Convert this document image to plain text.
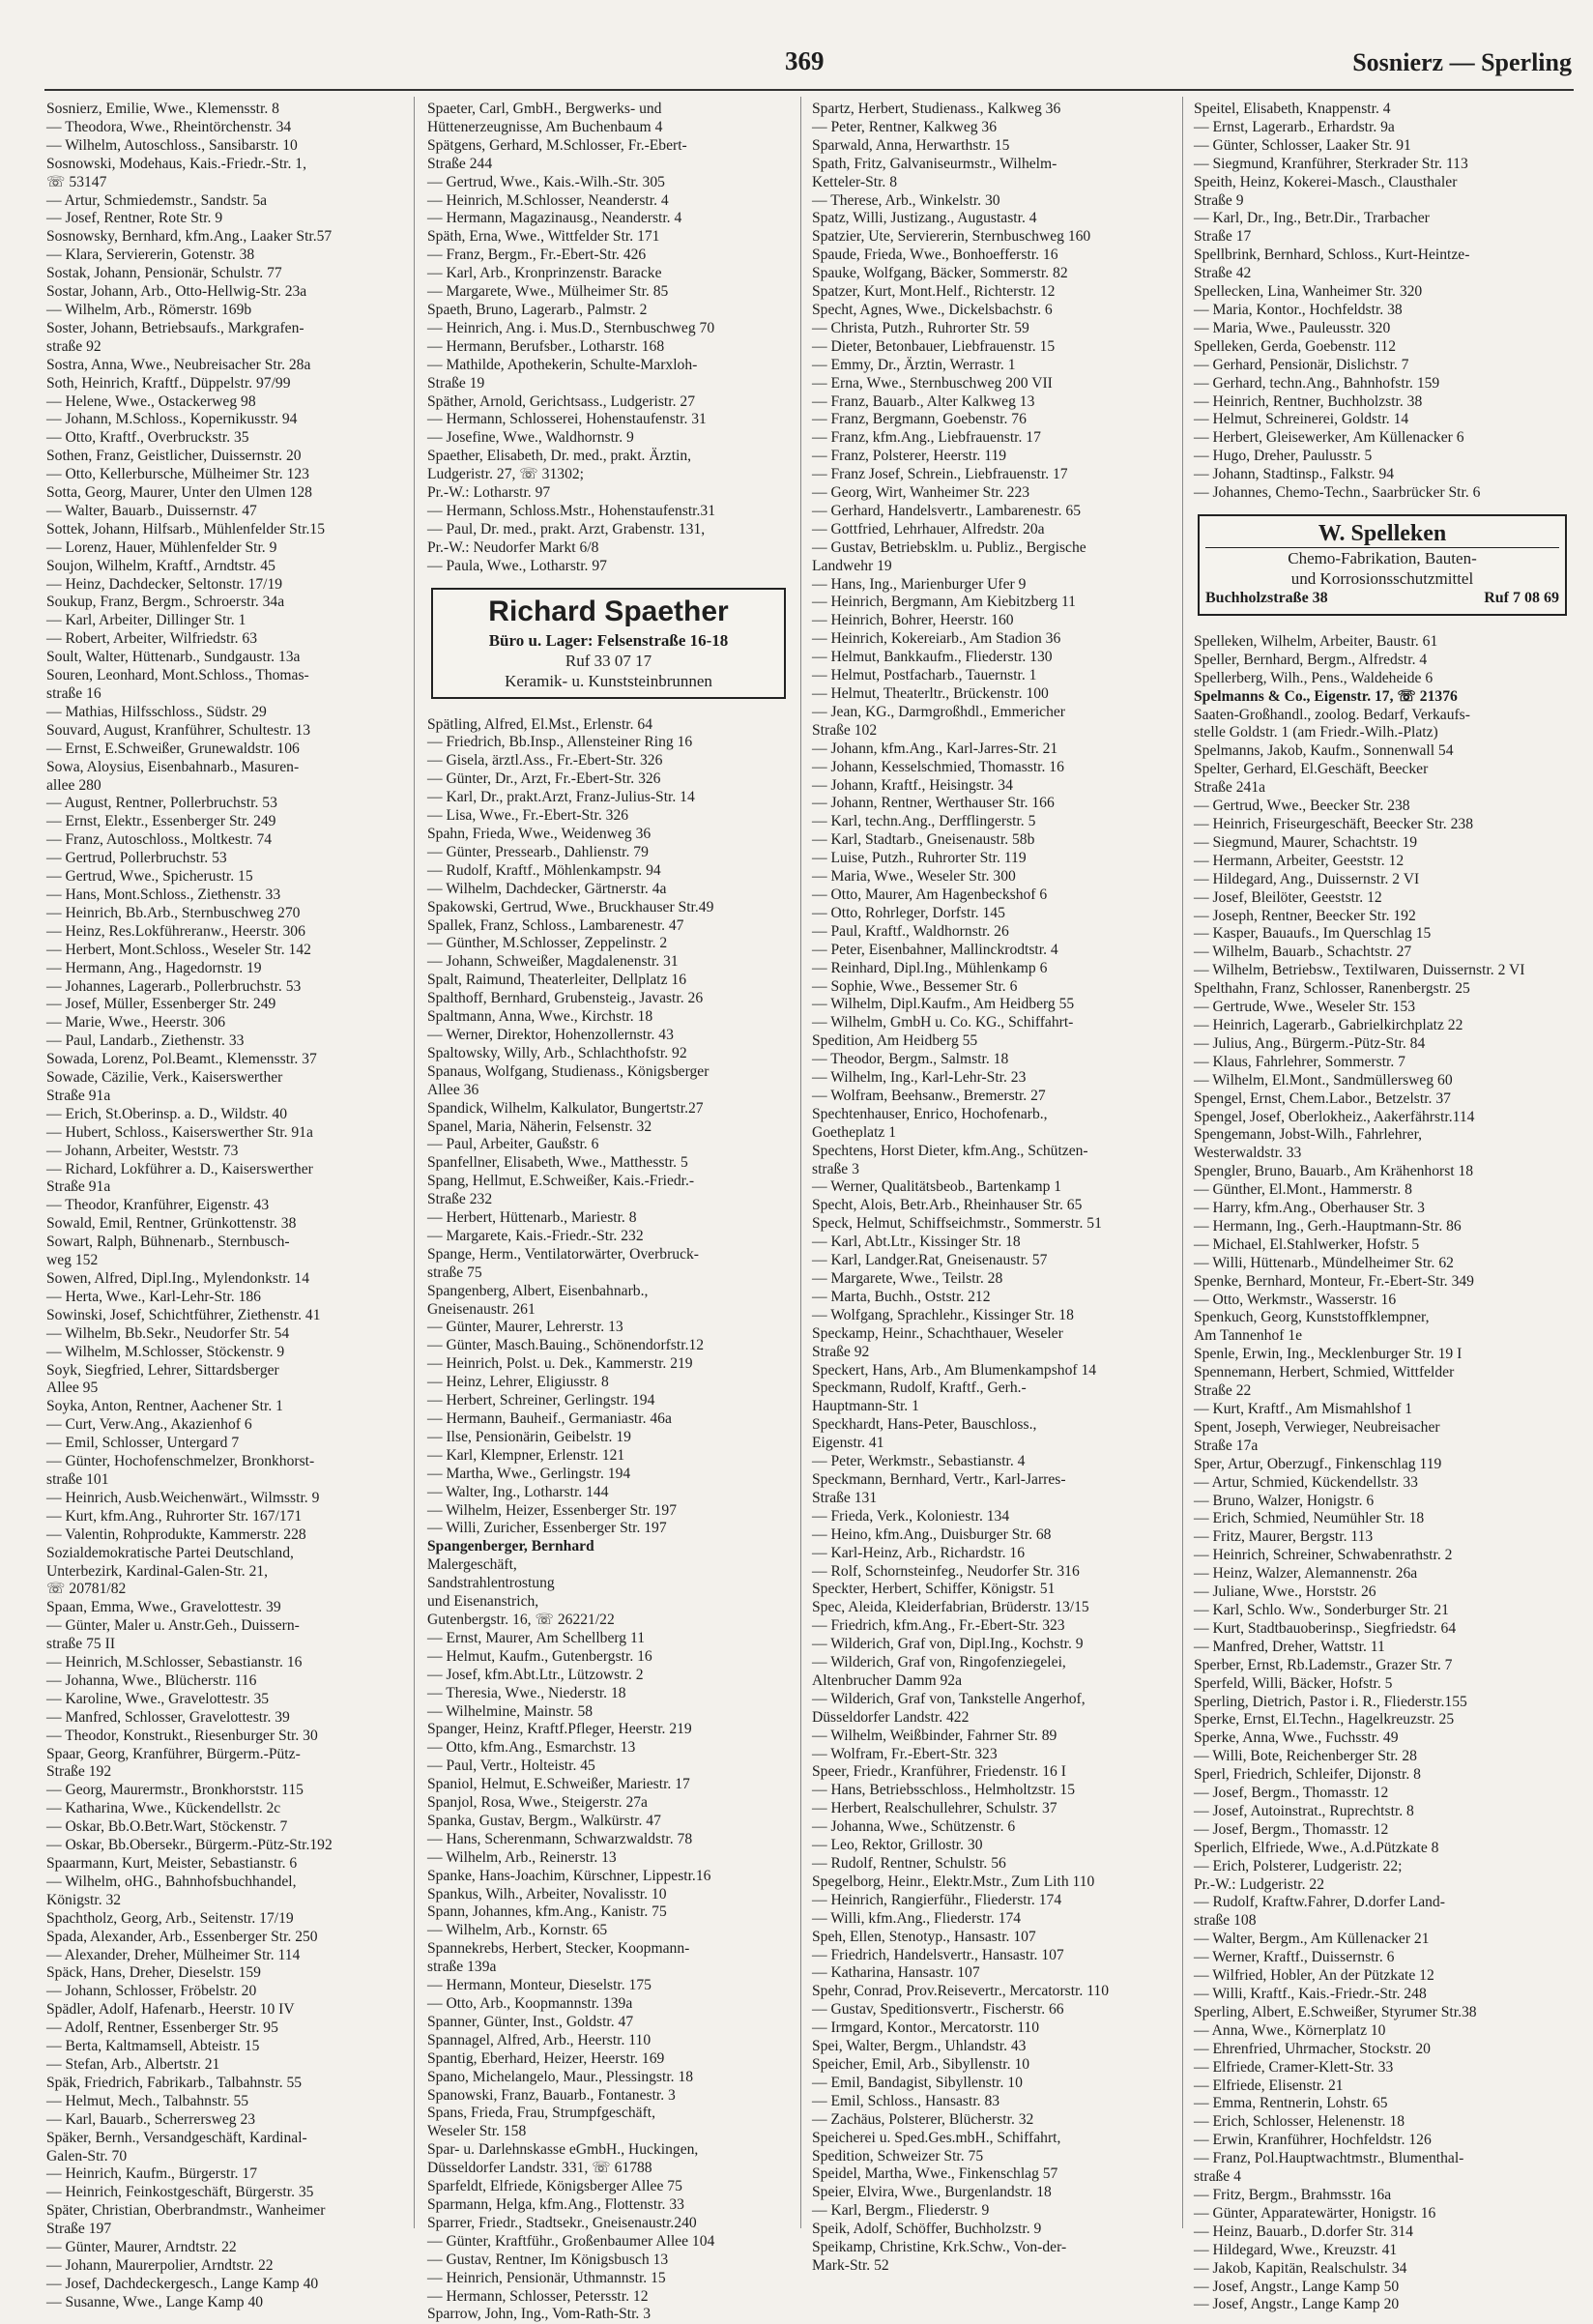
369	Sosnierz — Sperling
Sosnierz, Emilie, Wwe., Klemensstr. 8
— Theodora, Wwe., Rheintörchenstr. 34
— Wilhelm, Autoschloss., Sansibarstr. 10
Sosnowski, Modehaus, Kais.-Friedr.-Str. 1,
☏ 53147
— Artur, Schmiedemstr., Sandstr. 5a
— Josef, Rentner, Rote Str. 9
Sosnowsky, Bernhard, kfm.Ang., Laaker Str.57
— Klara, Serviererin, Gotenstr. 38
Sostak, Johann, Pensionär, Schulstr. 77
Sostar, Johann, Arb., Otto-Hellwig-Str. 23a
— Wilhelm, Arb., Römerstr. 169b
Soster, Johann, Betriebsaufs., Markgrafen-
straße 92
Sostra, Anna, Wwe., Neubreisacher Str. 28a
Soth, Heinrich, Kraftf., Düppelstr. 97/99
— Helene, Wwe., Ostackerweg 98
— Johann, M.Schloss., Kopernikusstr. 94
— Otto, Kraftf., Overbruckstr. 35
Sothen, Franz, Geistlicher, Duissernstr. 20
— Otto, Kellerbursche, Mülheimer Str. 123
Sotta, Georg, Maurer, Unter den Ulmen 128
— Walter, Bauarb., Duissernstr. 47
Sottek, Johann, Hilfsarb., Mühlenfelder Str.15
— Lorenz, Hauer, Mühlenfelder Str. 9
Soujon, Wilhelm, Kraftf., Arndtstr. 45
— Heinz, Dachdecker, Seltonstr. 17/19
Soukup, Franz, Bergm., Schroerstr. 34a
— Karl, Arbeiter, Dillinger Str. 1
— Robert, Arbeiter, Wilfriedstr. 63
Soult, Walter, Hüttenarb., Sundgaustr. 13a
Souren, Leonhard, Mont.Schloss., Thomas-
straße 16
— Mathias, Hilfsschloss., Südstr. 29
Souvard, August, Kranführer, Schultestr. 13
— Ernst, E.Schweißer, Grunewaldstr. 106
Sowa, Aloysius, Eisenbahnarb., Masuren-
allee 280
— August, Rentner, Pollerbruchstr. 53
— Ernst, Elektr., Essenberger Str. 249
— Franz, Autoschloss., Moltkestr. 74
— Gertrud, Pollerbruchstr. 53
— Gertrud, Wwe., Spicherustr. 15
— Hans, Mont.Schloss., Ziethenstr. 33
— Heinrich, Bb.Arb., Sternbuschweg 270
— Heinz, Res.Lokführeranw., Heerstr. 306
— Herbert, Mont.Schloss., Weseler Str. 142
— Hermann, Ang., Hagedornstr. 19
— Johannes, Lagerarb., Pollerbruchstr. 53
— Josef, Müller, Essenberger Str. 249
— Marie, Wwe., Heerstr. 306
— Paul, Landarb., Ziethenstr. 33
Sowada, Lorenz, Pol.Beamt., Klemensstr. 37
Sowade, Cäzilie, Verk., Kaiserswerther
Straße 91a
— Erich, St.Oberinsp. a. D., Wildstr. 40
— Hubert, Schloss., Kaiserswerther Str. 91a
— Johann, Arbeiter, Weststr. 73
— Richard, Lokführer a. D., Kaiserswerther
Straße 91a
— Theodor, Kranführer, Eigenstr. 43
Sowald, Emil, Rentner, Grünkottenstr. 38
Sowart, Ralph, Bühnenarb., Sternbusch-
weg 152
Sowen, Alfred, Dipl.Ing., Mylendonkstr. 14
— Herta, Wwe., Karl-Lehr-Str. 186
Sowinski, Josef, Schichtführer, Ziethenstr. 41
— Wilhelm, Bb.Sekr., Neudorfer Str. 54
— Wilhelm, M.Schlosser, Stöckenstr. 9
Soyk, Siegfried, Lehrer, Sittardsberger
Allee 95
Soyka, Anton, Rentner, Aachener Str. 1
— Curt, Verw.Ang., Akazienhof 6
— Emil, Schlosser, Untergard 7
— Günter, Hochofenschmelzer, Bronkhorst-
straße 101
— Heinrich, Ausb.Weichenwärt., Wilmsstr. 9
— Kurt, kfm.Ang., Ruhrorter Str. 167/171
— Valentin, Rohprodukte, Kammerstr. 228
Sozialdemokratische Partei Deutschland,
Unterbezirk, Kardinal-Galen-Str. 21,
☏ 20781/82
Spaan, Emma, Wwe., Gravelottestr. 39
— Günter, Maler u. Anstr.Geh., Duissern-
straße 75 II
— Heinrich, M.Schlosser, Sebastianstr. 16
— Johanna, Wwe., Blücherstr. 116
— Karoline, Wwe., Gravelottestr. 35
— Manfred, Schlosser, Gravelottestr. 39
— Theodor, Konstrukt., Riesenburger Str. 30
Spaar, Georg, Kranführer, Bürgerm.-Pütz-
Straße 192
— Georg, Maurermstr., Bronkhorststr. 115
— Katharina, Wwe., Kückendellstr. 2c
— Oskar, Bb.O.Betr.Wart, Stöckenstr. 7
— Oskar, Bb.Obersekr., Bürgerm.-Pütz-Str.192
Spaarmann, Kurt, Meister, Sebastianstr. 6
— Wilhelm, oHG., Bahnhofsbuchhandel,
Königstr. 32
Spachtholz, Georg, Arb., Seitenstr. 17/19
Spada, Alexander, Arb., Essenberger Str. 250
— Alexander, Dreher, Mülheimer Str. 114
Späck, Hans, Dreher, Dieselstr. 159
— Johann, Schlosser, Fröbelstr. 20
Spädler, Adolf, Hafenarb., Heerstr. 10 IV
— Adolf, Rentner, Essenberger Str. 95
— Berta, Kaltmamsell, Abteistr. 15
— Stefan, Arb., Albertstr. 21
Späk, Friedrich, Fabrikarb., Talbahnstr. 55
— Helmut, Mech., Talbahnstr. 55
— Karl, Bauarb., Scherrersweg 23
Späker, Bernh., Versandgeschäft, Kardinal-
Galen-Str. 70
— Heinrich, Kaufm., Bürgerstr. 17
— Heinrich, Feinkostgeschäft, Bürgerstr. 35
Später, Christian, Oberbrandmstr., Wanheimer
Straße 197
— Günter, Maurer, Arndtstr. 22
— Johann, Maurerpolier, Arndtstr. 22
— Josef, Dachdeckergesch., Lange Kamp 40
— Susanne, Wwe., Lange Kamp 40
Spaeter, Carl, GmbH., Bergwerks- und
Hüttenerzeugnisse, Am Buchenbaum 4
Spätgens, Gerhard, M.Schlosser, Fr.-Ebert-
Straße 244
— Gertrud, Wwe., Kais.-Wilh.-Str. 305
— Heinrich, M.Schlosser, Neanderstr. 4
— Hermann, Magazinausg., Neanderstr. 4
Späth, Erna, Wwe., Wittfelder Str. 171
— Franz, Bergm., Fr.-Ebert-Str. 426
— Karl, Arb., Kronprinzenstr. Baracke
— Margarete, Wwe., Mülheimer Str. 85
Spaeth, Bruno, Lagerarb., Palmstr. 2
— Heinrich, Ang. i. Mus.D., Sternbuschweg 70
— Hermann, Berufsber., Lotharstr. 168
— Mathilde, Apothekerin, Schulte-Marxloh-
Straße 19
Späther, Arnold, Gerichtsass., Ludgeristr. 27
— Hermann, Schlosserei, Hohenstaufenstr. 31
— Josefine, Wwe., Waldhornstr. 9
Spaether, Elisabeth, Dr. med., prakt. Ärztin,
Ludgeristr. 27, ☏ 31302;
Pr.-W.: Lotharstr. 97
— Hermann, Schloss.Mstr., Hohenstaufenstr.31
— Paul, Dr. med., prakt. Arzt, Grabenstr. 131,
Pr.-W.: Neudorfer Markt 6/8
— Paula, Wwe., Lotharstr. 97
Richard Spaether
Büro u. Lager: Felsenstraße 16-18
Ruf 33 07 17
Keramik- u. Kunststeinbrunnen
Spätling, Alfred, El.Mst., Erlenstr. 64
— Friedrich, Bb.Insp., Allensteiner Ring 16
— Gisela, ärztl.Ass., Fr.-Ebert-Str. 326
— Günter, Dr., Arzt, Fr.-Ebert-Str. 326
— Karl, Dr., prakt.Arzt, Franz-Julius-Str. 14
— Lisa, Wwe., Fr.-Ebert-Str. 326
Spahn, Frieda, Wwe., Weidenweg 36
— Günter, Pressearb., Dahlienstr. 79
— Rudolf, Kraftf., Möhlenkampstr. 94
— Wilhelm, Dachdecker, Gärtnerstr. 4a
Spakowski, Gertrud, Wwe., Bruckhauser Str.49
Spallek, Franz, Schloss., Lambarenestr. 47
— Günther, M.Schlosser, Zeppelinstr. 2
— Johann, Schweißer, Magdalenenstr. 31
Spalt, Raimund, Theaterleiter, Dellplatz 16
Spalthoff, Bernhard, Grubensteig., Javastr. 26
Spaltmann, Anna, Wwe., Kirchstr. 18
— Werner, Direktor, Hohenzollernstr. 43
Spaltowsky, Willy, Arb., Schlachthofstr. 92
Spanaus, Wolfgang, Studienass., Königsberger
Allee 36
Spandick, Wilhelm, Kalkulator, Bungertstr.27
Spanel, Maria, Näherin, Felsenstr. 32
— Paul, Arbeiter, Gaußstr. 6
Spanfellner, Elisabeth, Wwe., Matthesstr. 5
Spang, Hellmut, E.Schweißer, Kais.-Friedr.-
Straße 232
— Herbert, Hüttenarb., Mariestr. 8
— Margarete, Kais.-Friedr.-Str. 232
Spange, Herm., Ventilatorwärter, Overbruck-
straße 75
Spangenberg, Albert, Eisenbahnarb.,
Gneisenaustr. 261
— Günter, Maurer, Lehrerstr. 13
— Günter, Masch.Bauing., Schönendorfstr.12
— Heinrich, Polst. u. Dek., Kammerstr. 219
— Heinz, Lehrer, Eligiusstr. 8
— Herbert, Schreiner, Gerlingstr. 194
— Hermann, Bauheif., Germaniastr. 46a
— Ilse, Pensionärin, Geibelstr. 19
— Karl, Klempner, Erlenstr. 121
— Martha, Wwe., Gerlingstr. 194
— Walter, Ing., Lotharstr. 144
— Wilhelm, Heizer, Essenberger Str. 197
— Willi, Zuricher, Essenberger Str. 197
Spangenberger, Bernhard
Malergeschäft,
Sandstrahlentrostung
und Eisenanstrich,
Gutenbergstr. 16, ☏ 26221/22
— Ernst, Maurer, Am Schellberg 11
— Helmut, Kaufm., Gutenbergstr. 16
— Josef, kfm.Abt.Ltr., Lützowstr. 2
— Theresia, Wwe., Niederstr. 18
— Wilhelmine, Mainstr. 58
Spanger, Heinz, Kraftf.Pfleger, Heerstr. 219
— Otto, kfm.Ang., Esmarchstr. 13
— Paul, Vertr., Holteistr. 45
Spaniol, Helmut, E.Schweißer, Mariestr. 17
Spanjol, Rosa, Wwe., Steigerstr. 27a
Spanka, Gustav, Bergm., Walkürstr. 47
— Hans, Scherenmann, Schwarzwaldstr. 78
— Wilhelm, Arb., Reinerstr. 13
Spanke, Hans-Joachim, Kürschner, Lippestr.16
Spankus, Wilh., Arbeiter, Novalisstr. 10
Spann, Johannes, kfm.Ang., Kanistr. 75
— Wilhelm, Arb., Kornstr. 65
Spannekrebs, Herbert, Stecker, Koopmann-
straße 139a
— Hermann, Monteur, Dieselstr. 175
— Otto, Arb., Koopmannstr. 139a
Spanner, Günter, Inst., Goldstr. 47
Spannagel, Alfred, Arb., Heerstr. 110
Spantig, Eberhard, Heizer, Heerstr. 169
Spano, Michelangelo, Maur., Plessingstr. 18
Spanowski, Franz, Bauarb., Fontanestr. 3
Spans, Frieda, Frau, Strumpfgeschäft,
Weseler Str. 158
Spar- u. Darlehnskasse eGmbH., Huckingen,
Düsseldorfer Landstr. 331, ☏ 61788
Sparfeldt, Elfriede, Königsberger Allee 75
Sparmann, Helga, kfm.Ang., Flottenstr. 33
Sparrer, Friedr., Stadtsekr., Gneisenaustr.240
— Günter, Kraftführ., Großenbaumer Allee 104
— Gustav, Rentner, Im Königsbusch 13
— Heinrich, Pensionär, Uthmannstr. 15
— Hermann, Schlosser, Petersstr. 12
Sparrow, John, Ing., Vom-Rath-Str. 3
Spartz, Herbert, Studienass., Kalkweg 36
— Peter, Rentner, Kalkweg 36
Sparwald, Anna, Herwarthstr. 15
Spath, Fritz, Galvaniseurmstr., Wilhelm-
Ketteler-Str. 8
— Therese, Arb., Winkelstr. 30
Spatz, Willi, Justizang., Augustastr. 4
Spatzier, Ute, Serviererin, Sternbuschweg 160
Spaude, Frieda, Wwe., Bonhoefferstr. 16
Spauke, Wolfgang, Bäcker, Sommerstr. 82
Spatzer, Kurt, Mont.Helf., Richterstr. 12
Specht, Agnes, Wwe., Dickelsbachstr. 6
— Christa, Putzh., Ruhrorter Str. 59
— Dieter, Betonbauer, Liebfrauenstr. 15
— Emmy, Dr., Ärztin, Werrastr. 1
— Erna, Wwe., Sternbuschweg 200 VII
— Franz, Bauarb., Alter Kalkweg 13
— Franz, Bergmann, Goebenstr. 76
— Franz, kfm.Ang., Liebfrauenstr. 17
— Franz, Polsterer, Heerstr. 119
— Franz Josef, Schrein., Liebfrauenstr. 17
— Georg, Wirt, Wanheimer Str. 223
— Gerhard, Handelsvertr., Lambarenestr. 65
— Gottfried, Lehrhauer, Alfredstr. 20a
— Gustav, Betriebsklm. u. Publiz., Bergische
Landwehr 19
— Hans, Ing., Marienburger Ufer 9
— Heinrich, Bergmann, Am Kiebitzberg 11
— Heinrich, Bohrer, Heerstr. 160
— Heinrich, Kokereiarb., Am Stadion 36
— Helmut, Bankkaufm., Fliederstr. 130
— Helmut, Postfacharb., Tauernstr. 1
— Helmut, Theaterltr., Brückenstr. 100
— Jean, KG., Darmgroßhdl., Emmericher
Straße 102
— Johann, kfm.Ang., Karl-Jarres-Str. 21
— Johann, Kesselschmied, Thomasstr. 16
— Johann, Kraftf., Heisingstr. 34
— Johann, Rentner, Werthauser Str. 166
— Karl, techn.Ang., Derfflingerstr. 5
— Karl, Stadtarb., Gneisenaustr. 58b
— Luise, Putzh., Ruhrorter Str. 119
— Maria, Wwe., Weseler Str. 300
— Otto, Maurer, Am Hagenbeckshof 6
— Otto, Rohrleger, Dorfstr. 145
— Paul, Kraftf., Waldhornstr. 26
— Peter, Eisenbahner, Mallinckrodtstr. 4
— Reinhard, Dipl.Ing., Mühlenkamp 6
— Sophie, Wwe., Bessemer Str. 6
— Wilhelm, Dipl.Kaufm., Am Heidberg 55
— Wilhelm, GmbH u. Co. KG., Schiffahrt-
Spedition, Am Heidberg 55
— Theodor, Bergm., Salmstr. 18
— Wilhelm, Ing., Karl-Lehr-Str. 23
— Wolfram, Beehsanw., Bremerstr. 27
Spechtenhauser, Enrico, Hochofenarb.,
Goetheplatz 1
Spechtens, Horst Dieter, kfm.Ang., Schützen-
straße 3
— Werner, Qualitätsbeob., Bartenkamp 1
Specht, Alois, Betr.Arb., Rheinhauser Str. 65
Speck, Helmut, Schiffseichmstr., Sommerstr. 51
— Karl, Abt.Ltr., Kissinger Str. 18
— Karl, Landger.Rat, Gneisenaustr. 57
— Margarete, Wwe., Teilstr. 28
— Marta, Buchh., Oststr. 212
— Wolfgang, Sprachlehr., Kissinger Str. 18
Speckamp, Heinr., Schachthauer, Weseler
Straße 92
Speckert, Hans, Arb., Am Blumenkampshof 14
Speckmann, Rudolf, Kraftf., Gerh.-
Hauptmann-Str. 1
Speckhardt, Hans-Peter, Bauschloss.,
Eigenstr. 41
— Peter, Werkmstr., Sebastianstr. 4
Speckmann, Bernhard, Vertr., Karl-Jarres-
Straße 131
— Frieda, Verk., Koloniestr. 134
— Heino, kfm.Ang., Duisburger Str. 68
— Karl-Heinz, Arb., Richardstr. 16
— Rolf, Schornsteinfeg., Neudorfer Str. 316
Speckter, Herbert, Schiffer, Königstr. 51
Spec, Aleida, Kleiderfabrian, Brüderstr. 13/15
— Friedrich, kfm.Ang., Fr.-Ebert-Str. 323
— Wilderich, Graf von, Dipl.Ing., Kochstr. 9
— Wilderich, Graf von, Ringofenziegelei,
Altenbrucher Damm 92a
— Wilderich, Graf von, Tankstelle Angerhof,
Düsseldorfer Landstr. 422
— Wilhelm, Weißbinder, Fahrner Str. 89
— Wolfram, Fr.-Ebert-Str. 323
Speer, Friedr., Kranführer, Friedenstr. 16 I
— Hans, Betriebsschloss., Helmholtzstr. 15
— Herbert, Realschullehrer, Schulstr. 37
— Johanna, Wwe., Schützenstr. 6
— Leo, Rektor, Grillostr. 30
— Rudolf, Rentner, Schulstr. 56
Spegelborg, Heinr., Elektr.Mstr., Zum Lith 110
— Heinrich, Rangierführ., Fliederstr. 174
— Willi, kfm.Ang., Fliederstr. 174
Speh, Ellen, Stenotyp., Hansastr. 107
— Friedrich, Handelsvertr., Hansastr. 107
— Katharina, Hansastr. 107
Spehr, Conrad, Prov.Reisevertr., Mercatorstr. 110
— Gustav, Speditionsvertr., Fischerstr. 66
— Irmgard, Kontor., Mercatorstr. 110
Spei, Walter, Bergm., Uhlandstr. 43
Speicher, Emil, Arb., Sibyllenstr. 10
— Emil, Bandagist, Sibyllenstr. 10
— Emil, Schloss., Hansastr. 83
— Zachäus, Polsterer, Blücherstr. 32
Speicherei u. Sped.Ges.mbH., Schiffahrt,
Spedition, Schweizer Str. 75
Speidel, Martha, Wwe., Finkenschlag 57
Speier, Elvira, Wwe., Burgenlandstr. 18
— Karl, Bergm., Fliederstr. 9
Speik, Adolf, Schöffer, Buchholzstr. 9
Speikamp, Christine, Krk.Schw., Von-der-
Mark-Str. 52
Speitel, Elisabeth, Knappenstr. 4
— Ernst, Lagerarb., Erhardstr. 9a
— Günter, Schlosser, Laaker Str. 91
— Siegmund, Kranführer, Sterkrader Str. 113
Speith, Heinz, Kokerei-Masch., Clausthaler
Straße 9
— Karl, Dr., Ing., Betr.Dir., Trarbacher
Straße 17
Spellbrink, Bernhard, Schloss., Kurt-Heintze-
Straße 42
Spellecken, Lina, Wanheimer Str. 320
— Maria, Kontor., Hochfeldstr. 38
— Maria, Wwe., Pauleusstr. 320
Spelleken, Gerda, Goebenstr. 112
— Gerhard, Pensionär, Dislichstr. 7
— Gerhard, techn.Ang., Bahnhofstr. 159
— Heinrich, Rentner, Buchholzstr. 38
— Helmut, Schreinerei, Goldstr. 14
— Herbert, Gleisewerker, Am Küllenacker 6
— Hugo, Dreher, Paulusstr. 5
— Johann, Stadtinsp., Falkstr. 94
— Johannes, Chemo-Techn., Saarbrücker Str. 6
W. Spelleken
Chemo-Fabrikation, Bauten-
und Korrosionsschutzmittel
Buchholzstraße 38	Ruf 7 08 69
Spelleken, Wilhelm, Arbeiter, Baustr. 61
Speller, Bernhard, Bergm., Alfredstr. 4
Spellerberg, Wilh., Pens., Waldeheide 6
Spelmanns & Co., Eigenstr. 17, ☏ 21376
Saaten-Großhandl., zoolog. Bedarf, Verkaufs-
stelle Goldstr. 1 (am Friedr.-Wilh.-Platz)
Spelmanns, Jakob, Kaufm., Sonnenwall 54
Spelter, Gerhard, El.Geschäft, Beecker
Straße 241a
— Gertrud, Wwe., Beecker Str. 238
— Heinrich, Friseurgeschäft, Beecker Str. 238
— Siegmund, Maurer, Schachtstr. 19
— Hermann, Arbeiter, Geeststr. 12
— Hildegard, Ang., Duissernstr. 2 VI
— Josef, Bleilöter, Geeststr. 12
— Joseph, Rentner, Beecker Str. 192
— Kasper, Bauaufs., Im Querschlag 15
— Wilhelm, Bauarb., Schachtstr. 27
— Wilhelm, Betriebsw., Textilwaren, Duissernstr. 2 VI
Spelthahn, Franz, Schlosser, Ranenbergstr. 25
— Gertrude, Wwe., Weseler Str. 153
— Heinrich, Lagerarb., Gabrielkirchplatz 22
— Julius, Ang., Bürgerm.-Pütz-Str. 84
— Klaus, Fahrlehrer, Sommerstr. 7
— Wilhelm, El.Mont., Sandmüllersweg 60
Spengel, Ernst, Chem.Labor., Betzelstr. 37
Spengel, Josef, Oberlokheiz., Aakerfährstr.114
Spengemann, Jobst-Wilh., Fahrlehrer,
Westerwaldstr. 33
Spengler, Bruno, Bauarb., Am Krähenhorst 18
— Günther, El.Mont., Hammerstr. 8
— Harry, kfm.Ang., Oberhauser Str. 3
— Hermann, Ing., Gerh.-Hauptmann-Str. 86
— Michael, El.Stahlwerker, Hofstr. 5
— Willi, Hüttenarb., Mündelheimer Str. 62
Spenke, Bernhard, Monteur, Fr.-Ebert-Str. 349
— Otto, Werkmstr., Wasserstr. 16
Spenkuch, Georg, Kunststoffklempner,
Am Tannenhof 1e
Spenle, Erwin, Ing., Mecklenburger Str. 19 I
Spennemann, Herbert, Schmied, Wittfelder
Straße 22
— Kurt, Kraftf., Am Mismahlshof 1
Spent, Joseph, Verwieger, Neubreisacher
Straße 17a
Sper, Artur, Oberzugf., Finkenschlag 119
— Artur, Schmied, Kückendellstr. 33
— Bruno, Walzer, Honigstr. 6
— Erich, Schmied, Neumühler Str. 18
— Fritz, Maurer, Bergstr. 113
— Heinrich, Schreiner, Schwabenrathstr. 2
— Heinz, Walzer, Alemannenstr. 26a
— Juliane, Wwe., Horststr. 26
— Karl, Schlo. Ww., Sonderburger Str. 21
— Kurt, Stadtbauoberinsp., Siegfriedstr. 64
— Manfred, Dreher, Wattstr. 11
Sperber, Ernst, Rb.Lademstr., Grazer Str. 7
Sperfeld, Willi, Bäcker, Hofstr. 5
Sperling, Dietrich, Pastor i. R., Fliederstr.155
Sperke, Ernst, El.Techn., Hagelkreuzstr. 25
Sperke, Anna, Wwe., Fuchsstr. 49
— Willi, Bote, Reichenberger Str. 28
Sperl, Friedrich, Schleifer, Dijonstr. 8
— Josef, Bergm., Thomasstr. 12
— Josef, Autoinstrat., Ruprechtstr. 8
— Josef, Bergm., Thomasstr. 12
Sperlich, Elfriede, Wwe., A.d.Pützkate 8
— Erich, Polsterer, Ludgeristr. 22;
Pr.-W.: Ludgeristr. 22
— Rudolf, Kraftw.Fahrer, D.dorfer Land-
straße 108
— Walter, Bergm., Am Küllenacker 21
— Werner, Kraftf., Duissernstr. 6
— Wilfried, Hobler, An der Pützkate 12
— Willi, Kraftf., Kais.-Friedr.-Str. 248
Sperling, Albert, E.Schweißer, Styrumer Str.38
— Anna, Wwe., Körnerplatz 10
— Ehrenfried, Uhrmacher, Stockstr. 20
— Elfriede, Cramer-Klett-Str. 33
— Elfriede, Elisenstr. 21
— Emma, Rentnerin, Lohstr. 65
— Erich, Schlosser, Helenenstr. 18
— Erwin, Kranführer, Hochfeldstr. 126
— Franz, Pol.Hauptwachtmstr., Blumenthal-
straße 4
— Fritz, Bergm., Brahmsstr. 16a
— Günter, Apparatewärter, Honigstr. 16
— Heinz, Bauarb., D.dorfer Str. 314
— Hildegard, Wwe., Kreuzstr. 41
— Jakob, Kapitän, Realschulstr. 34
— Josef, Angstr., Lange Kamp 50
— Josef, Angstr., Lange Kamp 20
